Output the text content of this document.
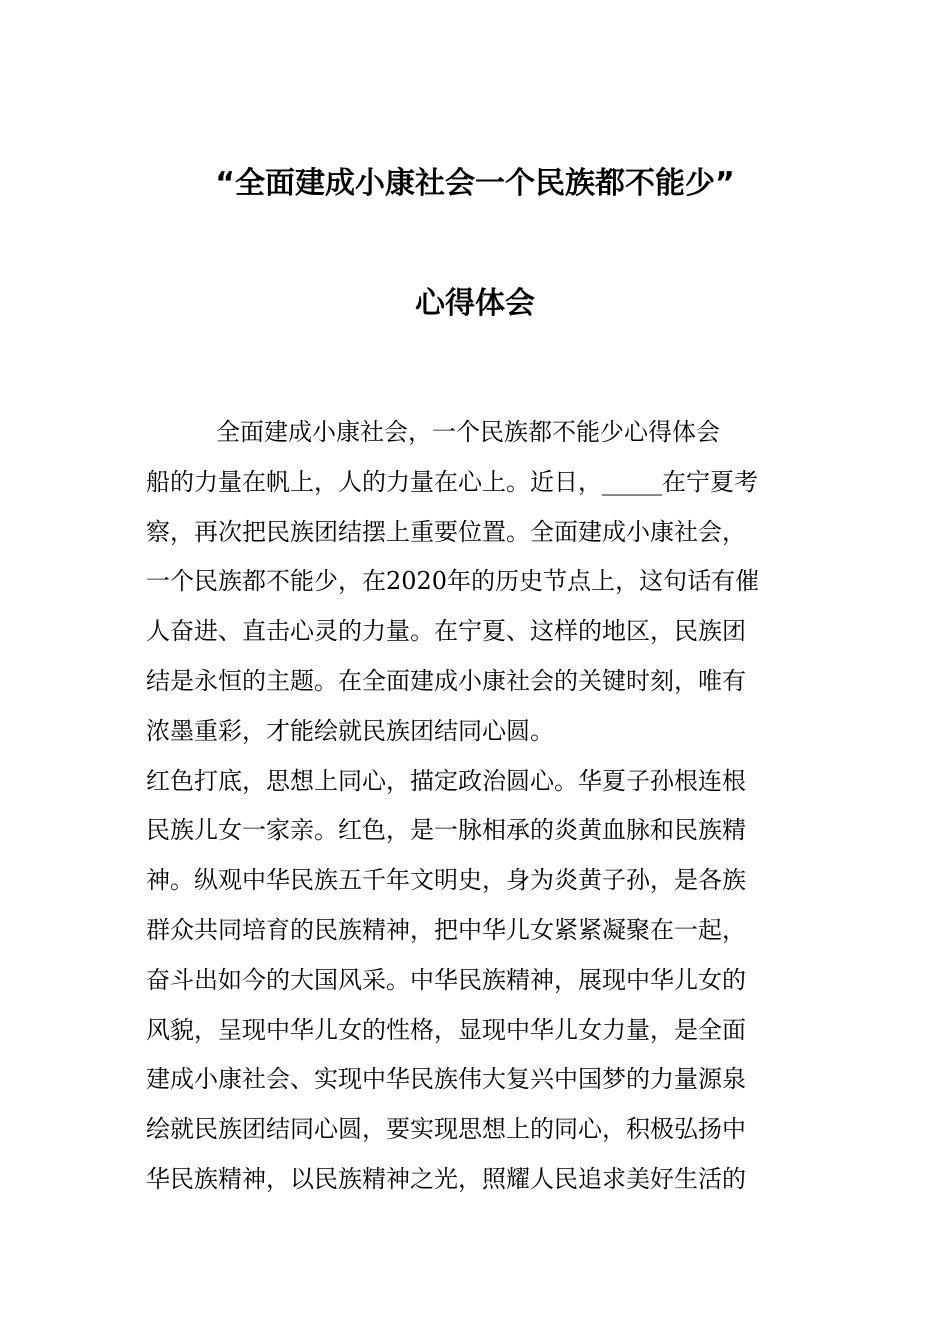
“全面建成小康社会一个民族都不能少”
心得体会
全面建成小康社会，一个民族都不能少心得体会
船的力量在帆上，人的力量在心上。近日，_____在宁夏考
察，再次把民族团结摆上重要位置。全面建成小康社会，
一个民族都不能少，在2020年的历史节点上，这句话有催
人奋进、直击心灵的力量。在宁夏、这样的地区，民族团
结是永恒的主题。在全面建成小康社会的关键时刻，唯有
浓墨重彩，才能绘就民族团结同心圆。
红色打底，思想上同心，描定政治圆心。华夏子孙根连根
民族儿女一家亲。红色，是一脉相承的炎黄血脉和民族精
神。纵观中华民族五千年文明史，身为炎黄子孙，是各族
群众共同培育的民族精神，把中华儿女紧紧凝聚在一起，
奋斗出如今的大国风采。中华民族精神，展现中华儿女的
风貌，呈现中华儿女的性格，显现中华儿女力量，是全面
建成小康社会、实现中华民族伟大复兴中国梦的力量源泉
绘就民族团结同心圆，要实现思想上的同心，积极弘扬中
华民族精神，以民族精神之光，照耀人民追求美好生活的
